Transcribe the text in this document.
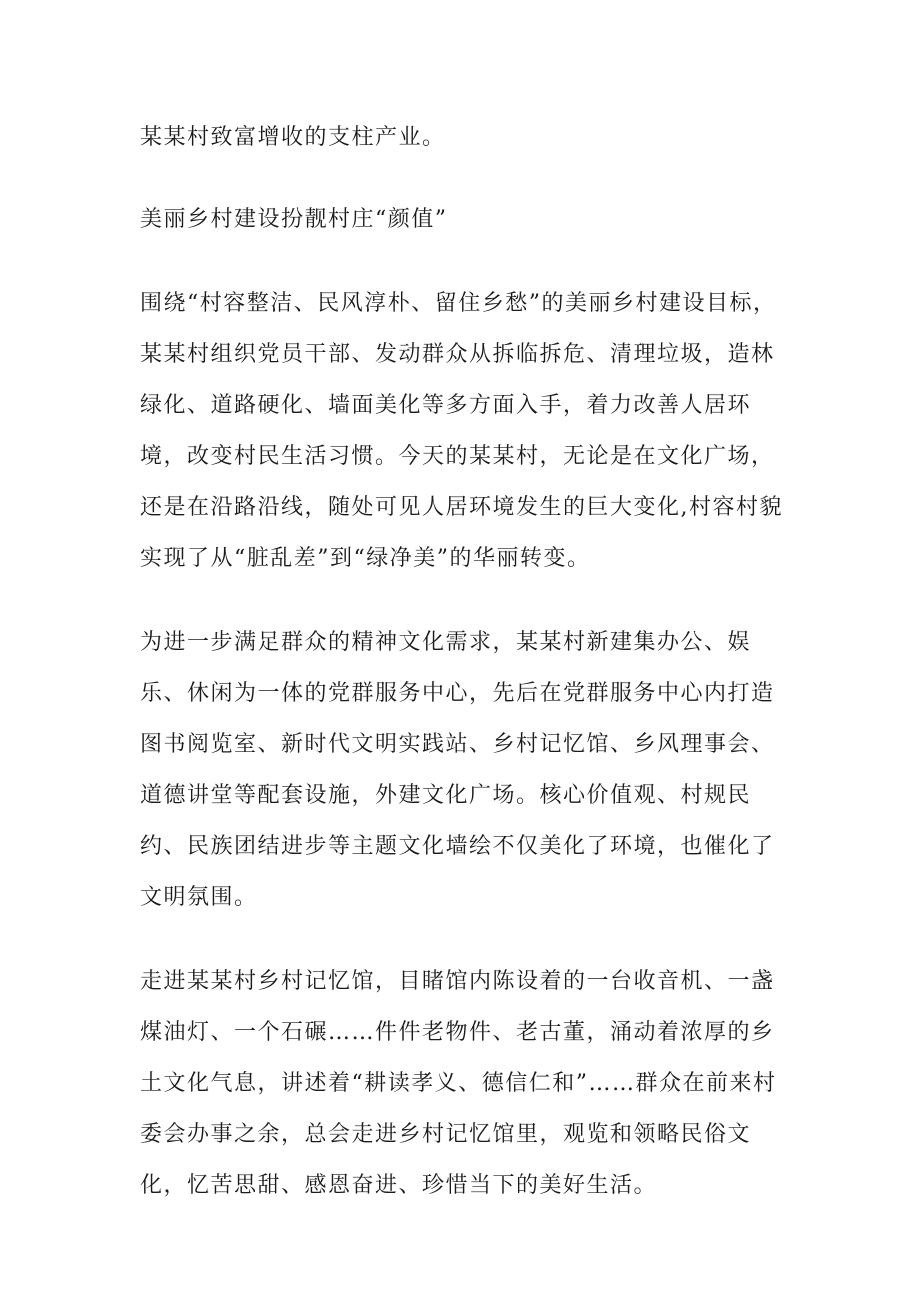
某某村致富增收的支柱产业。

美丽乡村建设扮靓村庄“颜值”

围绕“村容整洁、民风淳朴、留住乡愁”的美丽乡村建设目标，某某村组织党员干部、发动群众从拆临拆危、清理垃圾，造林绿化、道路硬化、墙面美化等多方面入手，着力改善人居环境，改变村民生活习惯。今天的某某村，无论是在文化广场，还是在沿路沿线，随处可见人居环境发生的巨大变化,村容村貌实现了从“脏乱差”到“绿净美”的华丽转变。

为进一步满足群众的精神文化需求，某某村新建集办公、娱乐、休闲为一体的党群服务中心，先后在党群服务中心内打造图书阅览室、新时代文明实践站、乡村记忆馆、乡风理事会、道德讲堂等配套设施，外建文化广场。核心价值观、村规民约、民族团结进步等主题文化墙绘不仅美化了环境，也催化了文明氛围。

走进某某村乡村记忆馆，目睹馆内陈设着的一台收音机、一盏煤油灯、一个石碾……件件老物件、老古董，涌动着浓厚的乡土文化气息，讲述着“耕读孝义、德信仁和”……群众在前来村委会办事之余，总会走进乡村记忆馆里，观览和领略民俗文化，忆苦思甜、感恩奋进、珍惜当下的美好生活。
